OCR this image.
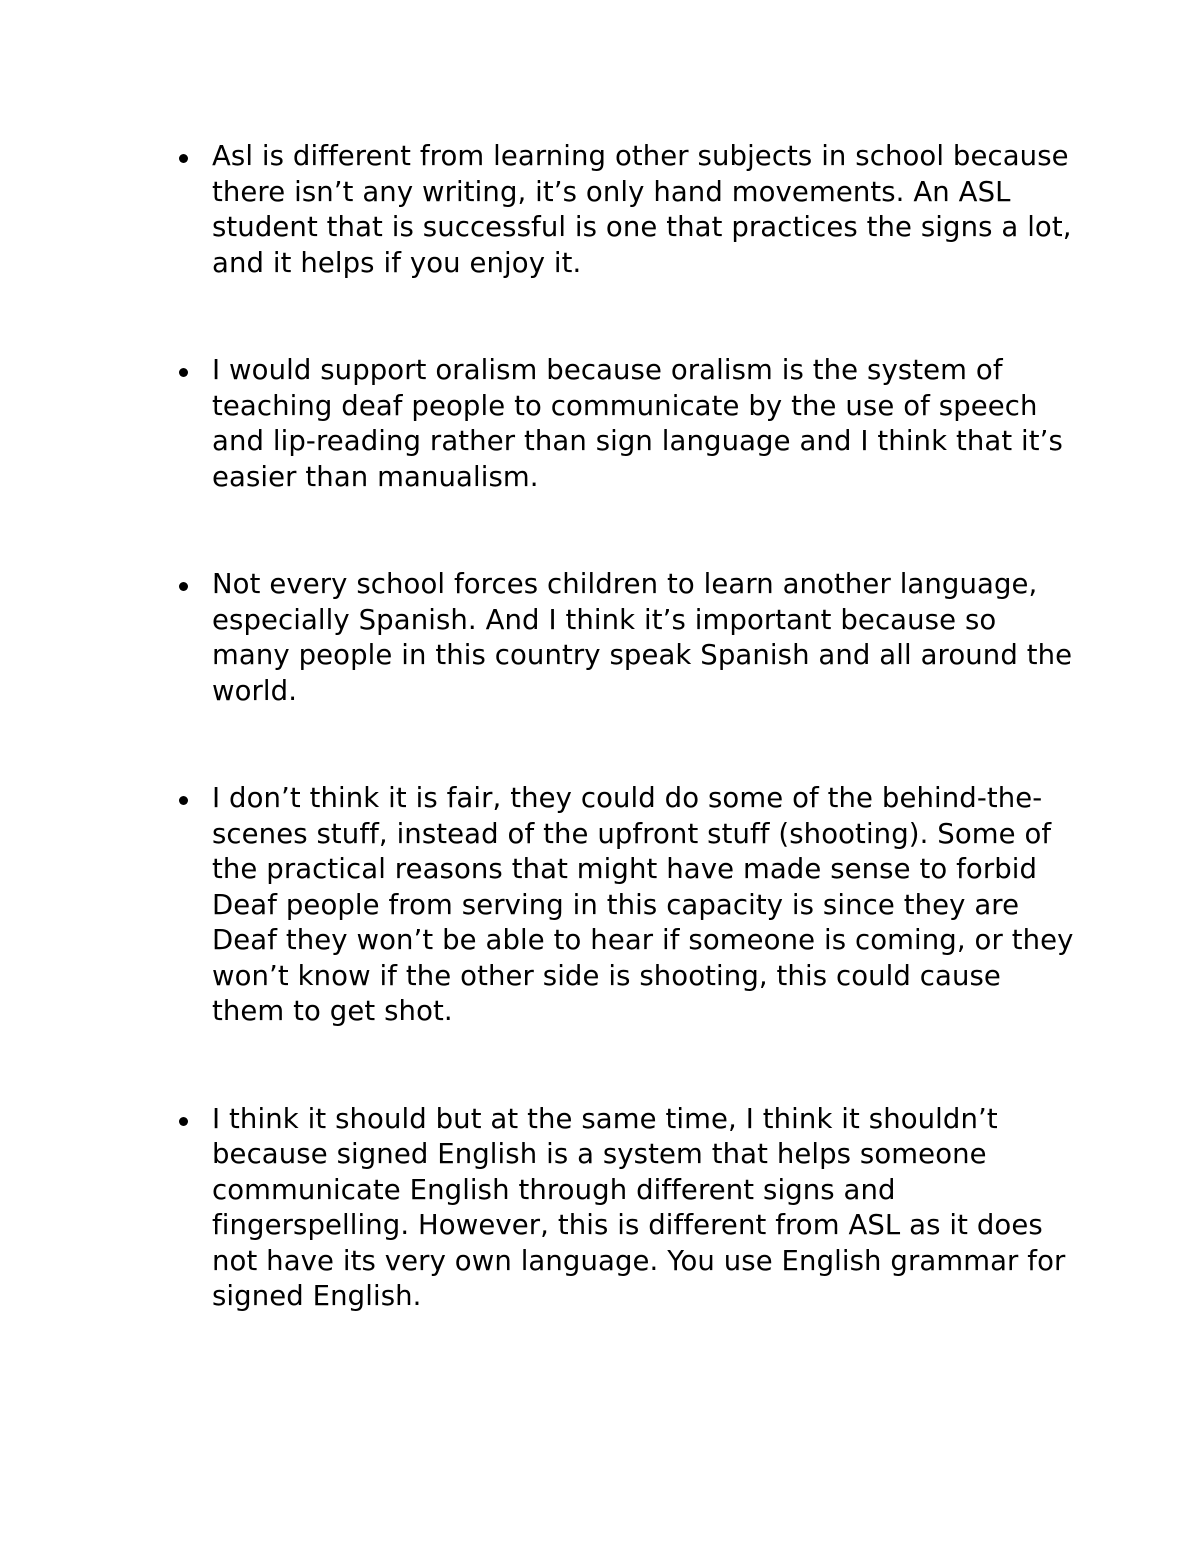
Asl is different from learning other subjects in school because there isn’t any writing, it’s only hand movements. An ASL student that is successful is one that practices the signs a lot, and it helps if you enjoy it.
I would support oralism because oralism is the system of teaching deaf people to communicate by the use of speech and lip-reading rather than sign language and I think that it’s easier than manualism.
Not every school forces children to learn another language, especially Spanish. And I think it’s important because so many people in this country speak Spanish and all around the world.
I don’t think it is fair, they could do some of the behind-the-scenes stuff, instead of the upfront stuff (shooting). Some of the practical reasons that might have made sense to forbid Deaf people from serving in this capacity is since they are Deaf they won’t be able to hear if someone is coming, or they won’t know if the other side is shooting, this could cause them to get shot.
I think it should but at the same time, I think it shouldn’t because signed English is a system that helps someone communicate English through different signs and fingerspelling. However, this is different from ASL as it does not have its very own language. You use English grammar for signed English.
